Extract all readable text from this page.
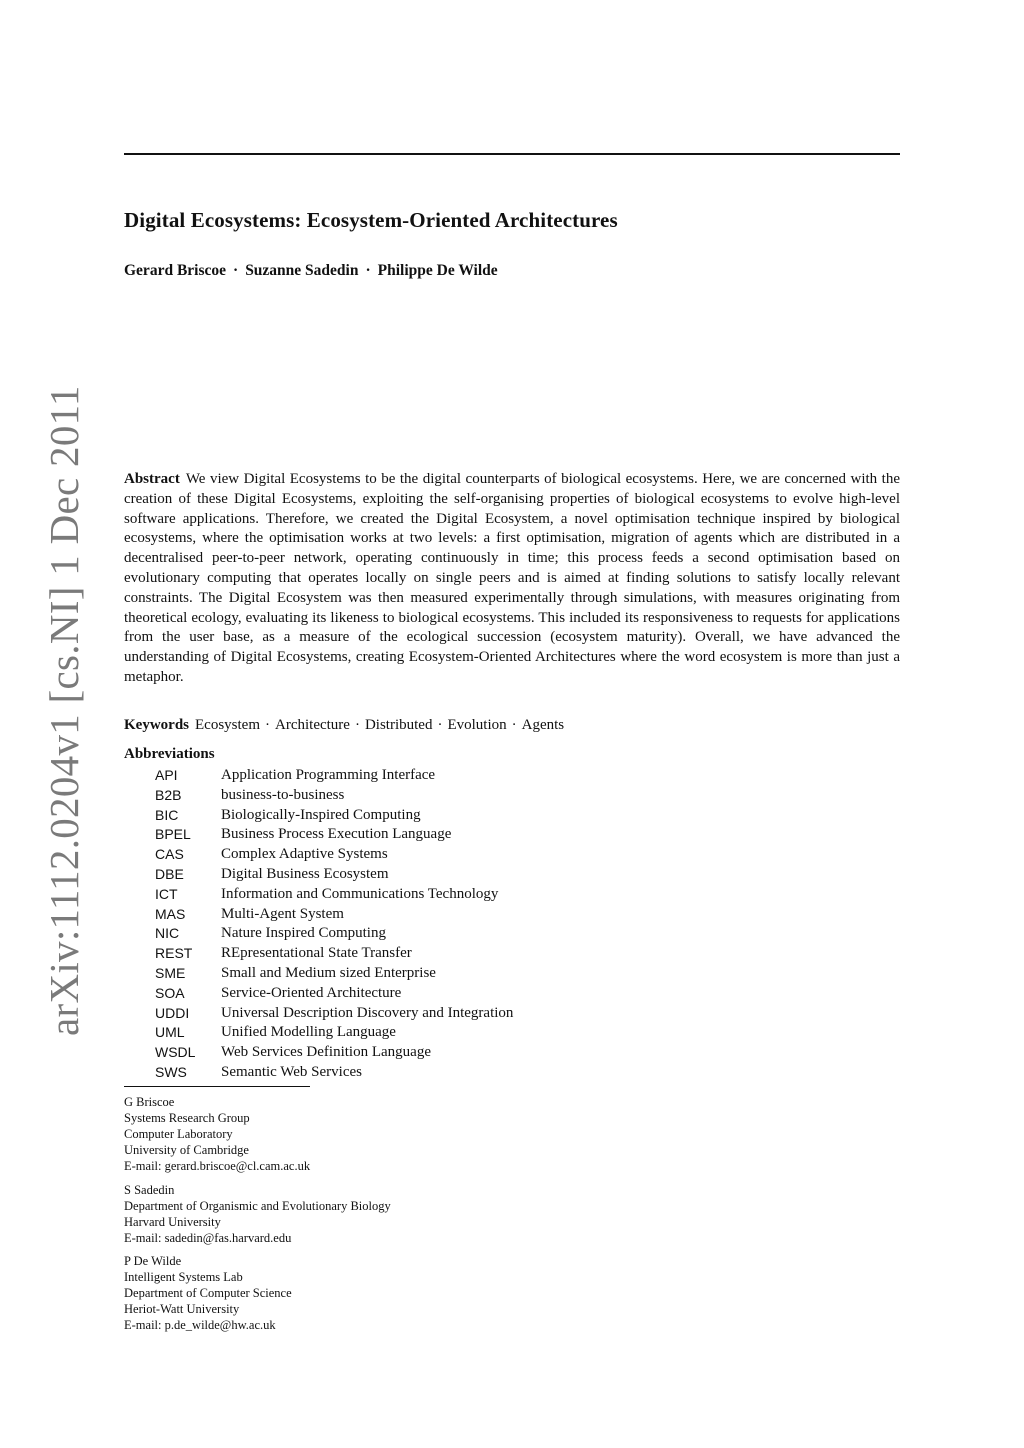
Digital Ecosystems: Ecosystem-Oriented Architectures
Gerard Briscoe · Suzanne Sadedin · Philippe De Wilde
arXiv:1112.0204v1 [cs.NI] 1 Dec 2011 Abstract We view Digital Ecosystems to be the digital counterparts of biological ecosystems. Here, we are concerned with the creation of these Digital Ecosystems, exploiting the self-organising properties of biological ecosystems to evolve high-level software applications. Therefore, we created the Digital Ecosystem, a novel optimisation technique inspired by biological ecosystems, where the optimisation works at two levels: a first optimisation, migration of agents which are distributed in a decentralised peer-to-peer network, operating continuously in time; this process feeds a second optimisation based on evolutionary computing that operates locally on single peers and is aimed at finding solutions to satisfy locally relevant constraints. The Digital Ecosystem was then measured experimentally through simulations, with measures originating from theoretical ecology, evaluating its likeness to biological ecosystems. This included its responsiveness to requests for applications from the user base, as a measure of the ecological succession (ecosystem maturity). Overall, we have advanced the understanding of Digital Ecosystems, creating Ecosystem-Oriented Architectures where the word ecosystem is more than just a metaphor.
Keywords Ecosystem · Architecture · Distributed · Evolution · Agents
Abbreviations
API	Application Programming Interface
B2B	business-to-business
BIC	Biologically-Inspired Computing
BPEL	Business Process Execution Language
CAS	Complex Adaptive Systems
DBE	Digital Business Ecosystem
ICT	Information and Communications Technology
MAS	Multi-Agent System
NIC	Nature Inspired Computing
REST	REpresentational State Transfer
SME	Small and Medium sized Enterprise
SOA	Service-Oriented Architecture
UDDI	Universal Description Discovery and Integration
UML	Unified Modelling Language
WSDL	Web Services Definition Language
SWS	Semantic Web Services
G Briscoe
Systems Research Group
Computer Laboratory
University of Cambridge
E-mail: gerard.briscoe@cl.cam.ac.uk
S Sadedin
Department of Organismic and Evolutionary Biology
Harvard University
E-mail: sadedin@fas.harvard.edu
P De Wilde
Intelligent Systems Lab
Department of Computer Science
Heriot-Watt University
E-mail: p.de_wilde@hw.ac.uk
